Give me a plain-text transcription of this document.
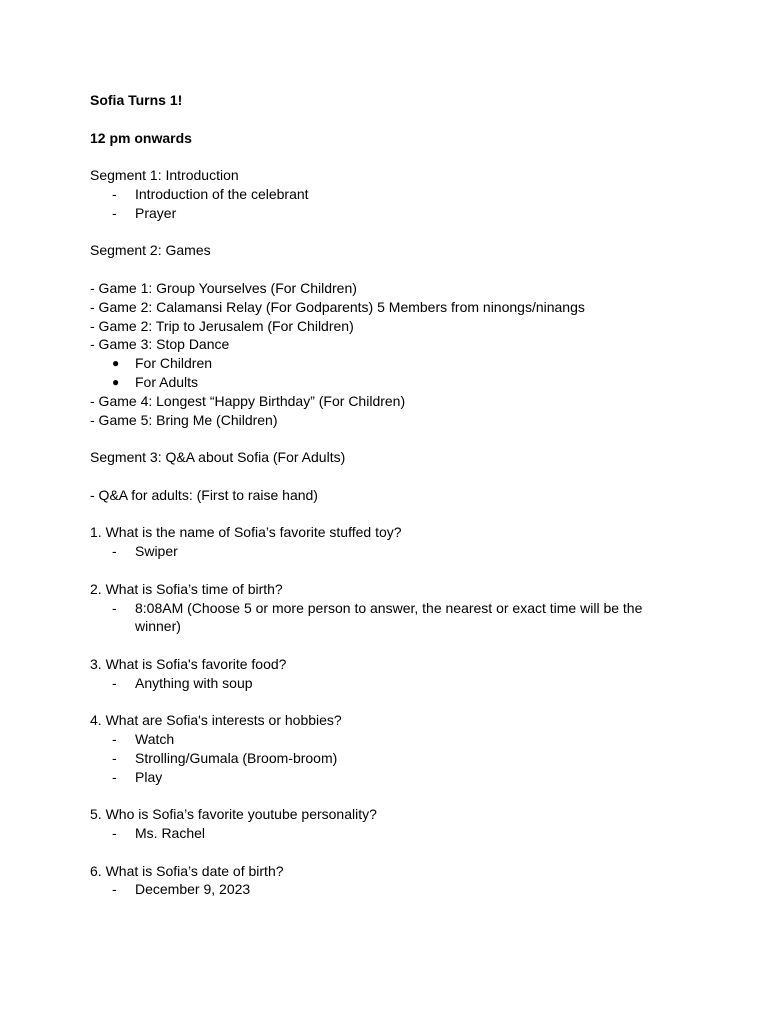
Sofia Turns 1!
12 pm onwards
Segment 1: Introduction
- Introduction of the celebrant
- Prayer
Segment 2: Games
- Game 1: Group Yourselves (For Children)
- Game 2: Calamansi Relay (For Godparents) 5 Members from ninongs/ninangs
- Game 2: Trip to Jerusalem (For Children)
- Game 3: Stop Dance
● For Children
● For Adults
- Game 4: Longest “Happy Birthday” (For Children)
- Game 5: Bring Me (Children)
Segment 3: Q&A about Sofia (For Adults)
- Q&A for adults: (First to raise hand)
1. What is the name of Sofia’s favorite stuffed toy?
- Swiper
2. What is Sofia’s time of birth?
- 8:08AM (Choose 5 or more person to answer, the nearest or exact time will be the winner)
3. What is Sofia's favorite food?
- Anything with soup
4. What are Sofia's interests or hobbies?
- Watch
- Strolling/Gumala (Broom-broom)
- Play
5. Who is Sofia’s favorite youtube personality?
- Ms. Rachel
6. What is Sofia’s date of birth?
- December 9, 2023
